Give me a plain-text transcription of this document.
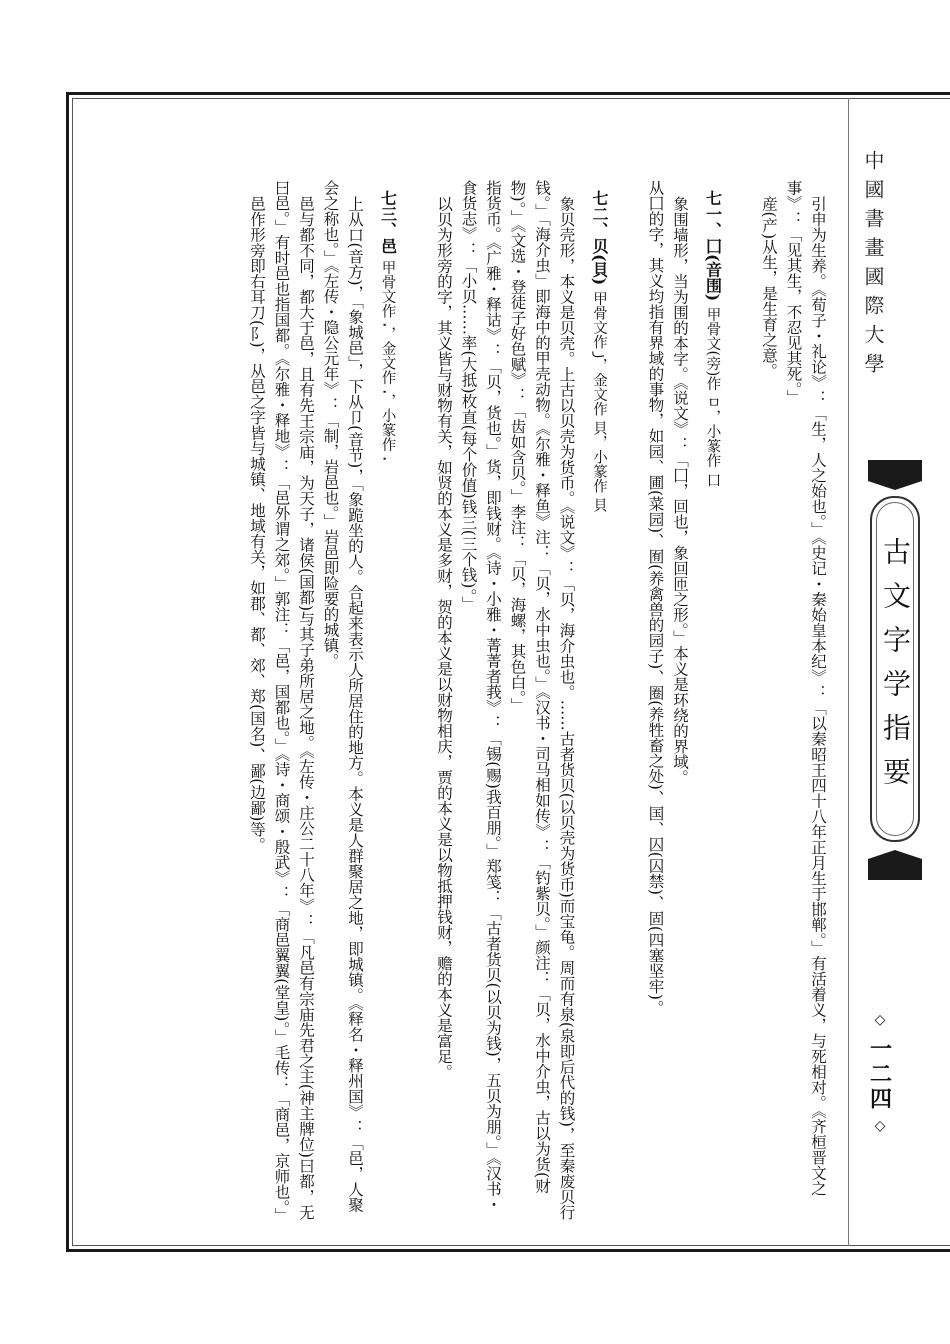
中國書畫國際大學
古文字学指要
◇
一二四
◇

引申为生养。《荀子・礼论》：「生，人之始也。」《史记・秦始皇本纪》：「以秦昭王四十八年正月生于邯郸。」有活着义，与死相对。《齐桓晋文之事》：「见其生，不忍见其死。」

産(产)从生，是生育之意。

七一、囗(音围) 甲骨文(旁)作 ㅁ，小篆作 口

象围墙形，当为围的本字。《说文》：「囗，回也，象回匝之形。」本义是环绕的界域。

从囗的字，其义均指有界域的事物，如园、圃(菜园)、囿(养禽兽的园子)、圈(养牲畜之处)、国、囚(囚禁)、固(四塞坚牢)。

七二、贝(貝) 甲骨文作 ꠸，金文作 貝，小篆作 貝

象贝壳形，本义是贝壳。上古以贝壳为货币。《说文》：「贝，海介虫也。……古者货贝(以贝壳为货币)而宝龟。周而有泉(泉即后代的钱)，至秦废贝行钱。」「海介虫」即海中的甲壳动物。《尔雅・释鱼》注：「贝，水中虫也。」《汉书・司马相如传》：「钓紫贝。」颜注：「贝，水中介虫，古以为货(财物)。」《文选・登徒子好色赋》：「齿如含贝。」李注：「贝，海螺，其色白。」

指货币。《广雅・释诂》：「贝，货也。」货，即钱财。《诗・小雅・菁菁者莪》：「锡(赐)我百朋。」郑笺：「古者货贝(以贝为钱)，五贝为朋。」《汉书・食货志》：「小贝……率(大抵)枚直(每个价值)钱三(三个钱)。」

以贝为形旁的字，其义皆与财物有关，如贤的本义是多财，贺的本义是以财物相庆，贾的本义是以物抵押钱财，赡的本义是富足。

七三、邑 甲骨文作 ꓸ，金文作 ꓸ，小篆作 ꓸ

上从口(音方)，「象城邑」，下从卩(音节)，「象跪坐的人。合起来表示人所居住的地方。本义是人群聚居之地，即城镇。《释名・释州国》：「邑，人聚会之称也。」《左传・隐公元年》：「制，岩邑也。」岩邑即险要的城镇。

邑与都不同，都大于邑，且有先王宗庙，为天子，诸侯(国都)与其子弟所居之地。《左传・庄公二十八年》：「凡邑有宗庙先君之主(神主牌位)曰都，无曰邑。」有时邑也指国都。《尔雅・释地》：「邑外谓之郊。」郭注：「邑，国都也。」《诗・商颂・殷武》：「商邑翼翼(堂皇)。」毛传：「商邑，京师也。」

邑作形旁即右耳刀(阝)，从邑之字皆与城镇、地域有关，如郡、都、郊、郑(国名)、鄙(边鄙)等。
